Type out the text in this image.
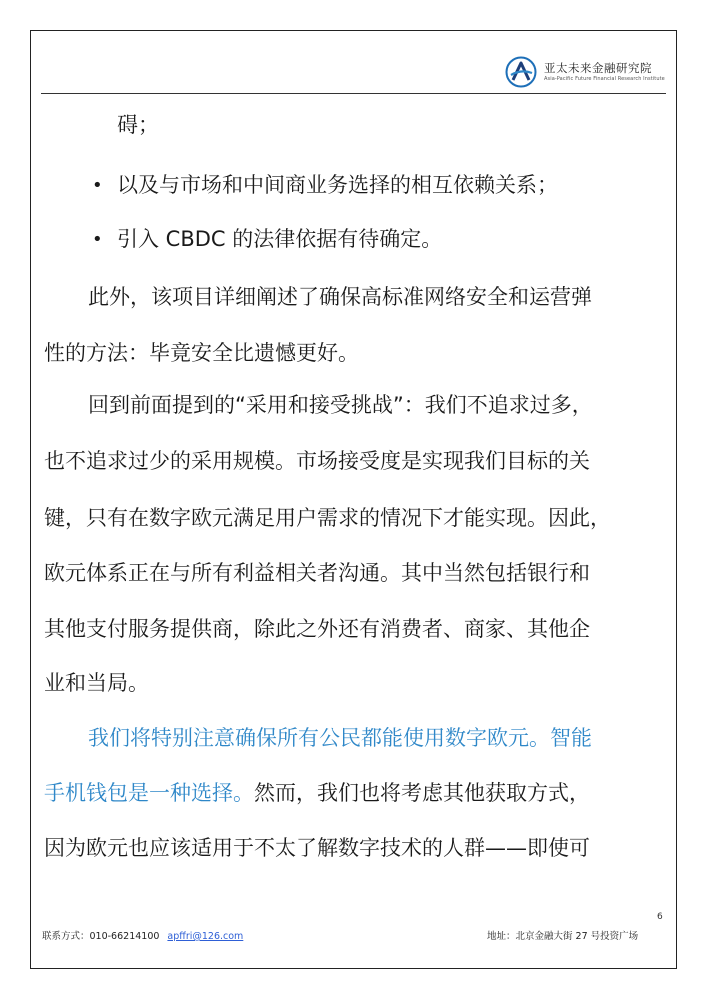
亚太未来金融研究院
Asia-Pacific Future Financial Research Institute
碍；
• 以及与市场和中间商业务选择的相互依赖关系；
• 引入 CBDC 的法律依据有待确定。
此外，该项目详细阐述了确保高标准网络安全和运营弹
性的方法：毕竟安全比遗憾更好。
回到前面提到的“采用和接受挑战”：我们不追求过多，
也不追求过少的采用规模。市场接受度是实现我们目标的关
键，只有在数字欧元满足用户需求的情况下才能实现。因此，
欧元体系正在与所有利益相关者沟通。其中当然包括银行和
其他支付服务提供商，除此之外还有消费者、商家、其他企
业和当局。
我们将特别注意确保所有公民都能使用数字欧元。智能
手机钱包是一种选择。然而，我们也将考虑其他获取方式，
因为欧元也应该适用于不太了解数字技术的人群——即使可
6
联系方式：010-66214100 apffri@126.com	地址：北京金融大街 27 号投资广场
